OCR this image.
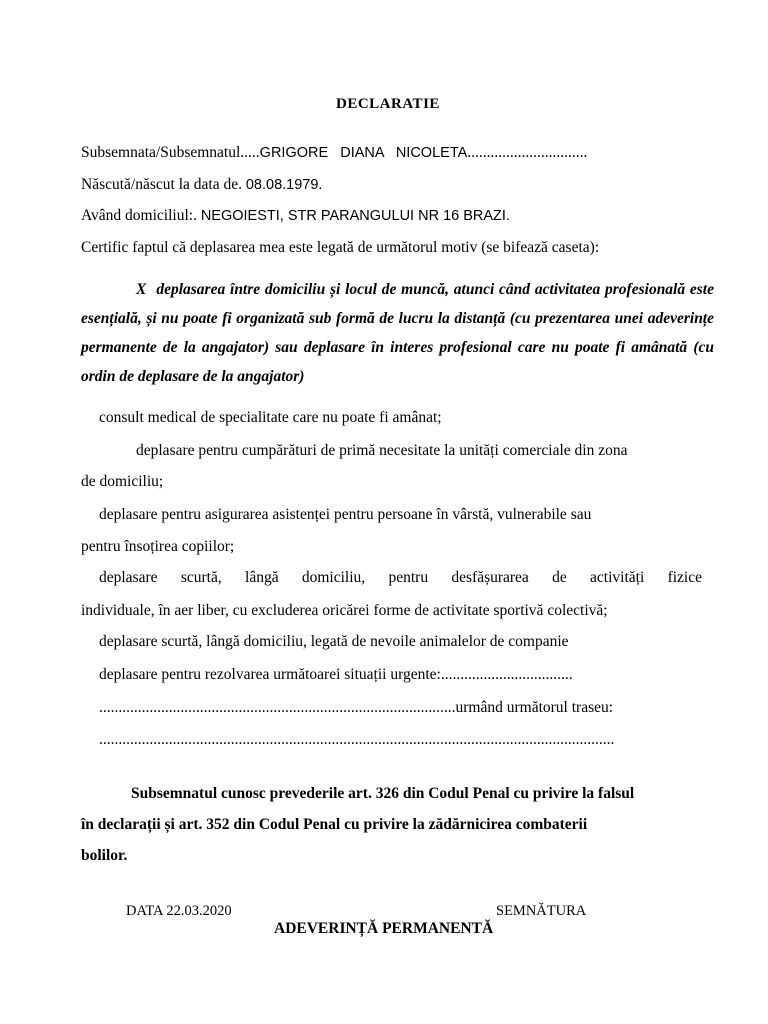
DECLARATIE
Subsemnata/Subsemnatul.....GRIGORE   DIANA   NICOLETA...............................
Născută/născut la data de. 08.08.1979.
Având domiciliul:. NEGOIESTI, STR PARANGULUI NR 16 BRAZI.
Certific faptul că deplasarea mea este legată de următorul motiv (se bifează caseta):
X deplasarea între domiciliu și locul de muncă, atunci când activitatea profesională este esențială, și nu poate fi organizată sub formă de lucru la distanță (cu prezentarea unei adeverințe permanente de la angajator) sau deplasare în interes profesional care nu poate fi amânată (cu ordin de deplasare de la angajator)
consult medical de specialitate care nu poate fi amânat;
deplasare pentru cumpărături de primă necesitate la unități comerciale din zona
de domiciliu;
deplasare pentru asigurarea asistenței pentru persoane în vârstă, vulnerabile sau
pentru însoțirea copiilor;
deplasare scurtă, lângă domiciliu, pentru desfășurarea de activități fizice
individuale, în aer liber, cu excluderea oricărei forme de activitate sportivă colectivă;
deplasare scurtă, lângă domiciliu, legată de nevoile animalelor de companie
deplasare pentru rezolvarea următoarei situații urgente:..................................
............................................................................................urmând următorul traseu:
.....................................................................................................................................
Subsemnatul cunosc prevederile art. 326 din Codul Penal cu privire la falsul
în declarații și art. 352 din Codul Penal cu privire la zădărnicirea combaterii
bolilor.
DATA 22.03.2020	SEMNĂTURA
ADEVERINȚĂ PERMANENTĂ
